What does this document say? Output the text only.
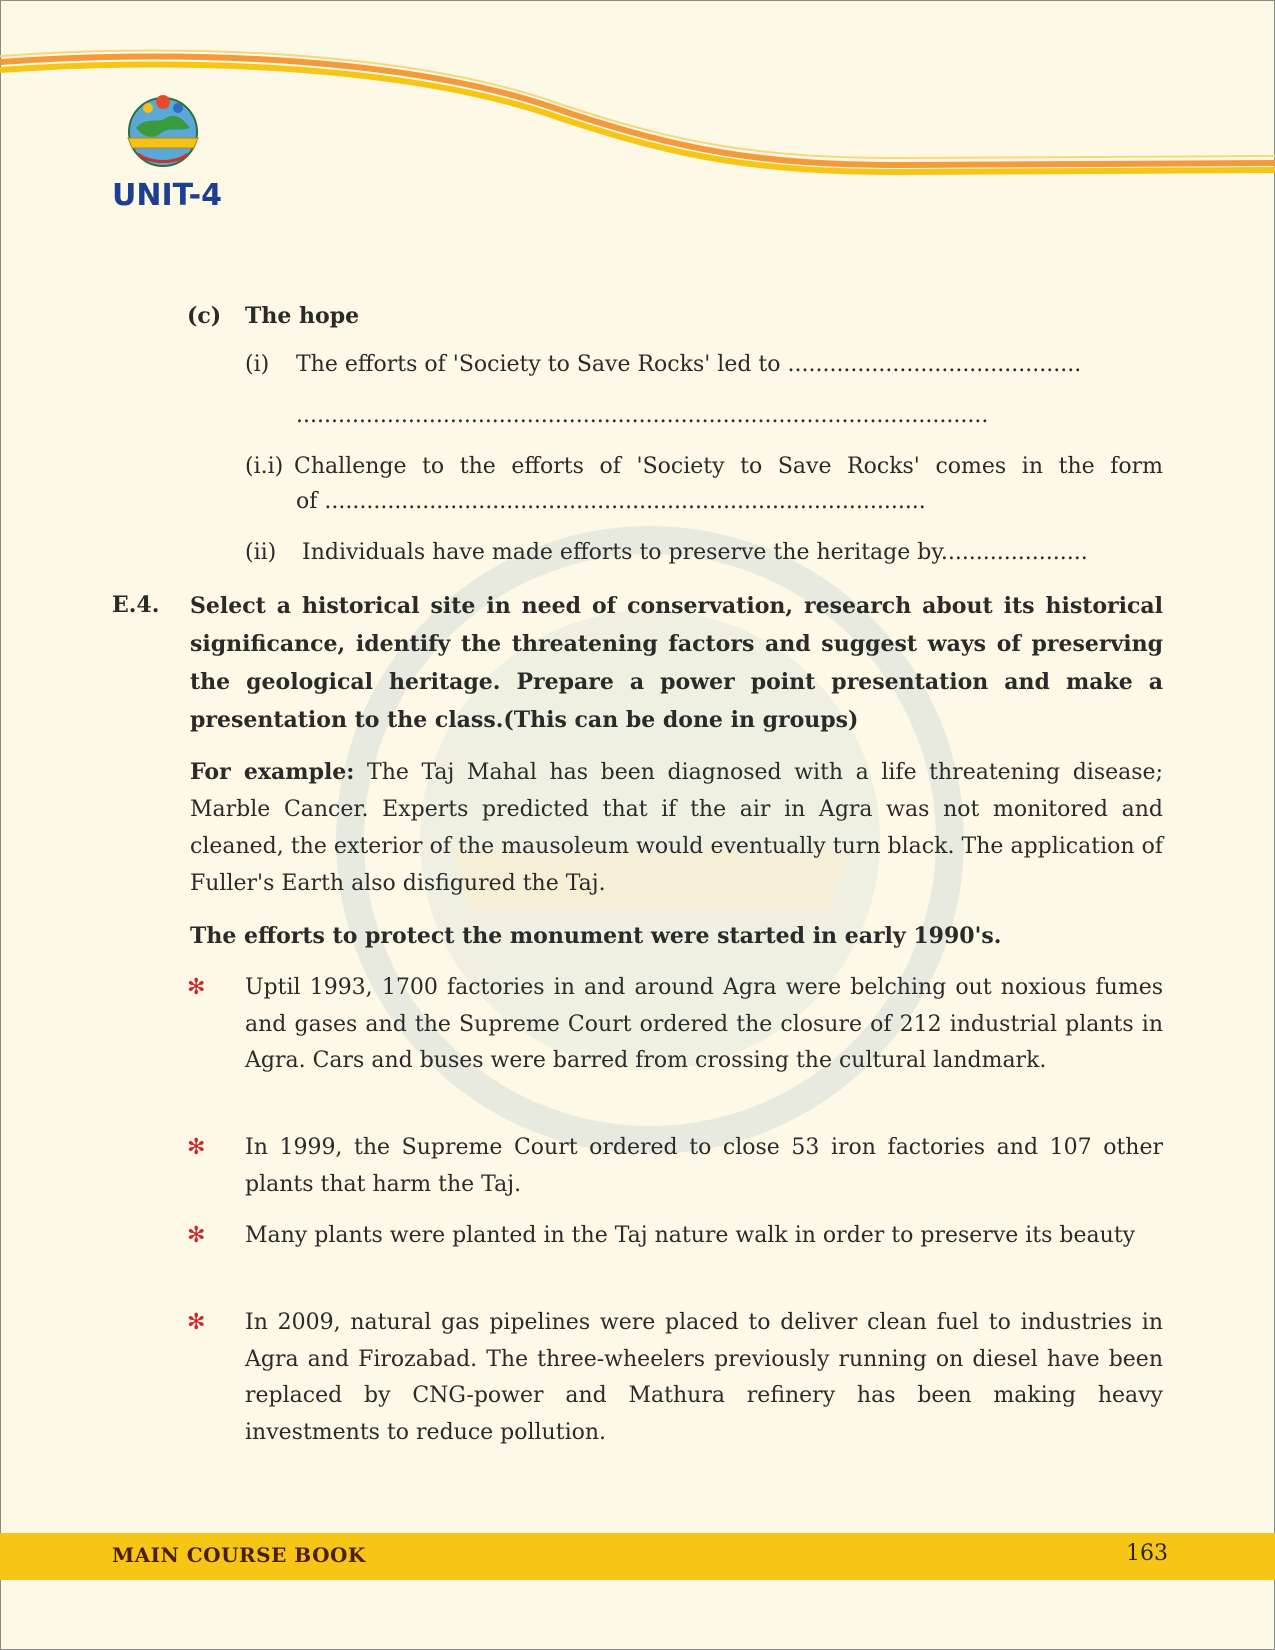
UNIT-4
(c) The hope
(i) The efforts of 'Society to Save Rocks' led to ..........................................
...................................................................................................
(i.i) Challenge to the efforts of 'Society to Save Rocks' comes in the form
of ......................................................................................
(ii) Individuals have made efforts to preserve the heritage by.....................
E.4. Select a historical site in need of conservation, research about its historical significance, identify the threatening factors and suggest ways of preserving the geological heritage. Prepare a power point presentation and make a presentation to the class.(This can be done in groups)
For example: The Taj Mahal has been diagnosed with a life threatening disease; Marble Cancer. Experts predicted that if the air in Agra was not monitored and cleaned, the exterior of the mausoleum would eventually turn black. The application of Fuller's Earth also disfigured the Taj.
The efforts to protect the monument were started in early 1990's.
✻ Uptil 1993, 1700 factories in and around Agra were belching out noxious fumes and gases and the Supreme Court ordered the closure of 212 industrial plants in Agra. Cars and buses were barred from crossing the cultural landmark.
✻ In 1999, the Supreme Court ordered to close 53 iron factories and 107 other plants that harm the Taj.
✻ Many plants were planted in the Taj nature walk in order to preserve its beauty
✻ In 2009, natural gas pipelines were placed to deliver clean fuel to industries in      Agra and Firozabad. The three-wheelers previously running on diesel have been replaced by CNG-power and Mathura refinery has been making heavy investments to reduce pollution.
MAIN COURSE BOOK	163
